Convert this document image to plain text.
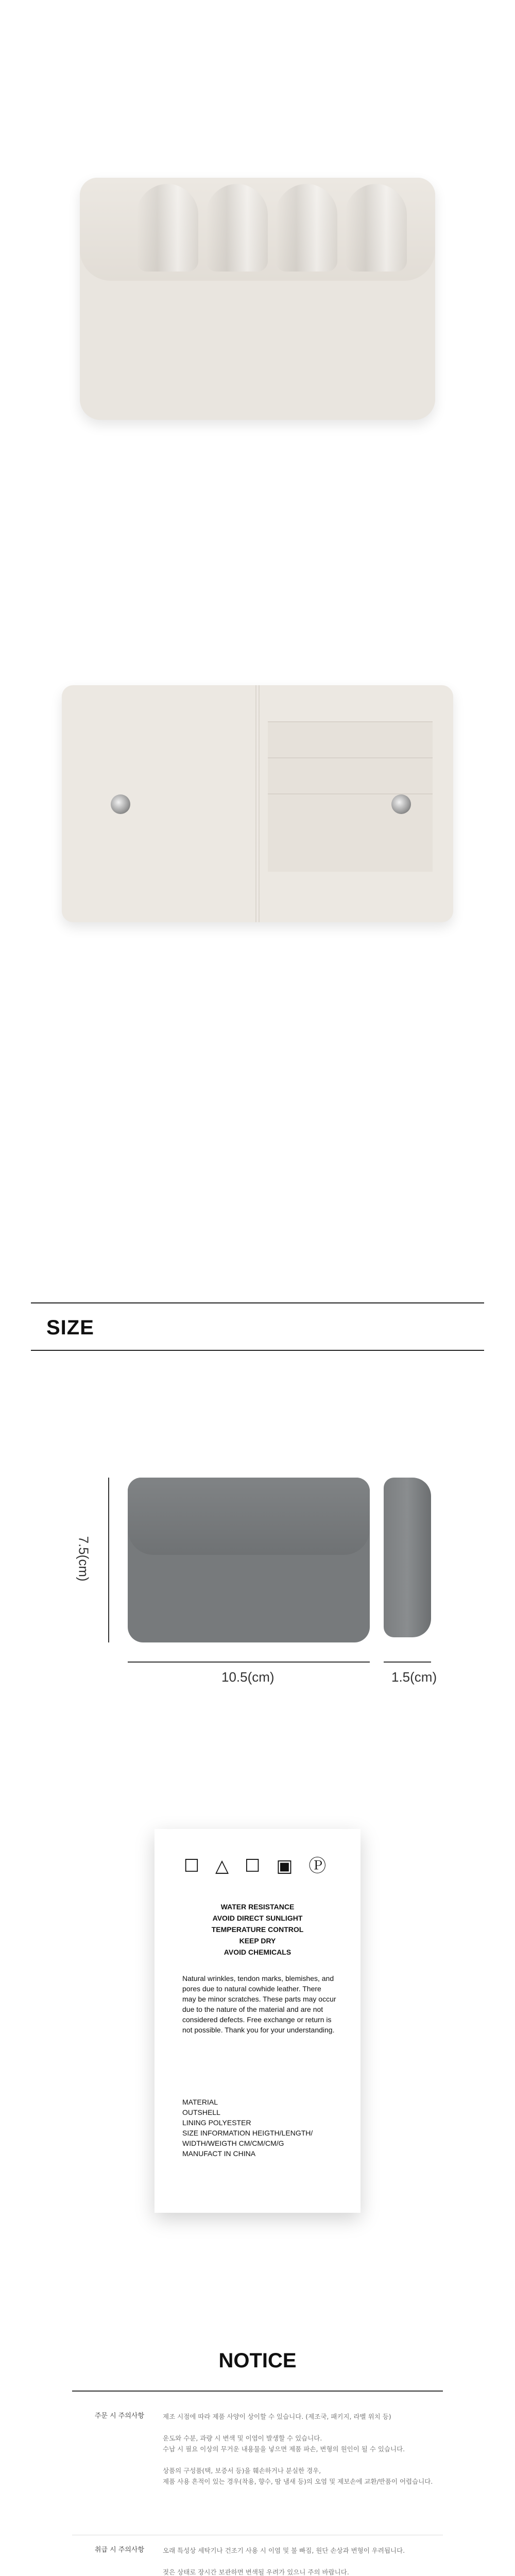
SIZE
7.5(cm)
10.5(cm)	1.5(cm)
☐ △ ☐ ▣ Ⓟ
WATER RESISTANCE
AVOID DIRECT SUNLIGHT
TEMPERATURE CONTROL
KEEP DRY
AVOID CHEMICALS
Natural wrinkles, tendon marks, blemishes, and pores due to natural cowhide leather. There may be minor scratches. These parts may occur due to the nature of the material and are not considered defects. Free exchange or return is not possible. Thank you for your understanding.
MATERIAL
OUTSHELL
LINING POLYESTER
SIZE INFORMATION HEIGTH/LENGTH/
WIDTH/WEIGTH CM/CM/CM/G
MANUFACT IN CHINA
NOTICE
주문 시 주의사항	제조 시점에 따라 제품 사양이 상이할 수 있습니다. (제조국, 패키지, 라벨 위치 등)

운도와 수분, 과량 시 변색 및 이염이 발생할 수 있습니다.
수납 시 필요 이상의 무거운 내용물을 넣으면 제품 파손, 변형의 원인이 될 수 있습니다.

상품의 구성품(택, 보증서 등)을 훼손하거나 분실한 경우,
제품 사용 흔적이 있는 경우(착용, 향수, 땀 냄새 등)의 오염 및 제보손에 교환/반품이 어렵습니다.
취급 시 주의사항	오래 특성상 세탁기나 건조기 사용 시 이염 및 불 빠짐, 원단 손상과 변형이 우려됩니다.

젖은 상태로 장시간 보관하면 변색될 우려가 있으니 주의 바랍니다.
